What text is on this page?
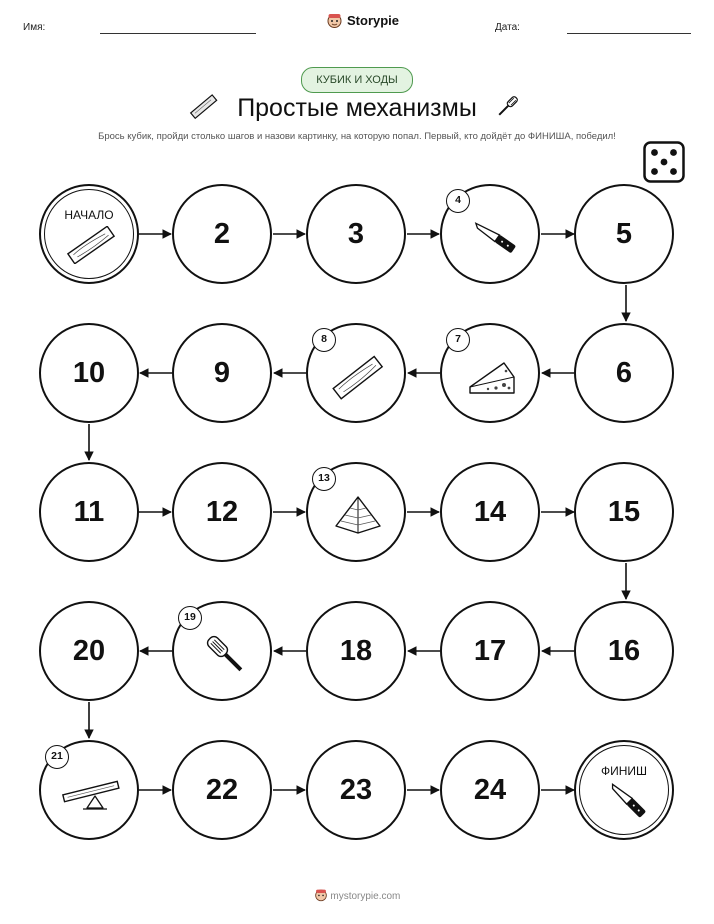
Имя:	Storypie	Дата:
КУБИК И ХОДЫ
Простые механизмы
Брось кубик, пройди столько шагов и назови картинку, на которую попал. Первый, кто дойдёт до ФИНИША, победил!
НАЧАЛО
2	3
4
5
6
7
8
9
10
11	12
13
14	15
16
17
18
19
20
21
22	23	24
ФИНИШ
mystorypie.com
